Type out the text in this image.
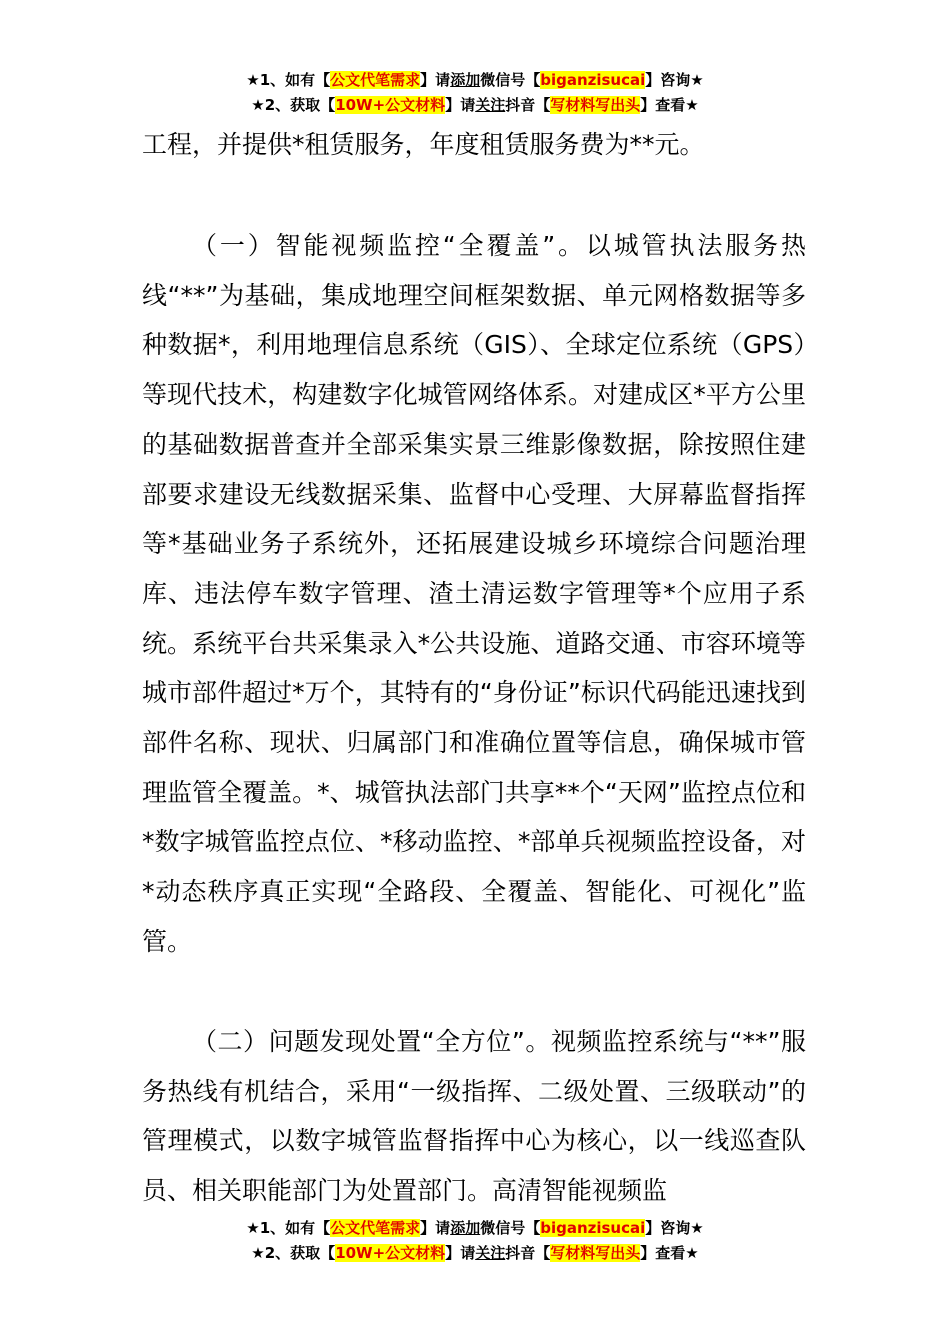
★1、如有【公文代笔需求】请添加微信号【biganzisucai】咨询★
★2、获取【10W+公文材料】请关注抖音【写材料写出头】查看★

工程，并提供*租赁服务，年度租赁服务费为**元。

（一）智能视频监控“全覆盖”。以城管执法服务热线“**”为基础，集成地理空间框架数据、单元网格数据等多种数据*，利用地理信息系统（GIS）、全球定位系统（GPS）等现代技术，构建数字化城管网络体系。对建成区*平方公里的基础数据普查并全部采集实景三维影像数据，除按照住建部要求建设无线数据采集、监督中心受理、大屏幕监督指挥等*基础业务子系统外，还拓展建设城乡环境综合问题治理库、违法停车数字管理、渣土清运数字管理等*个应用子系统。系统平台共采集录入*公共设施、道路交通、市容环境等城市部件超过*万个，其特有的“身份证”标识代码能迅速找到部件名称、现状、归属部门和准确位置等信息，确保城市管理监管全覆盖。*、城管执法部门共享**个“天网”监控点位和*数字城管监控点位、*移动监控、*部单兵视频监控设备，对*动态秩序真正实现“全路段、全覆盖、智能化、可视化”监管。

（二）问题发现处置“全方位”。视频监控系统与“**”服务热线有机结合，采用“一级指挥、二级处置、三级联动”的管理模式，以数字城管监督指挥中心为核心，以一线巡查队员、相关职能部门为处置部门。高清智能视频监

★1、如有【公文代笔需求】请添加微信号【biganzisucai】咨询★
★2、获取【10W+公文材料】请关注抖音【写材料写出头】查看★
